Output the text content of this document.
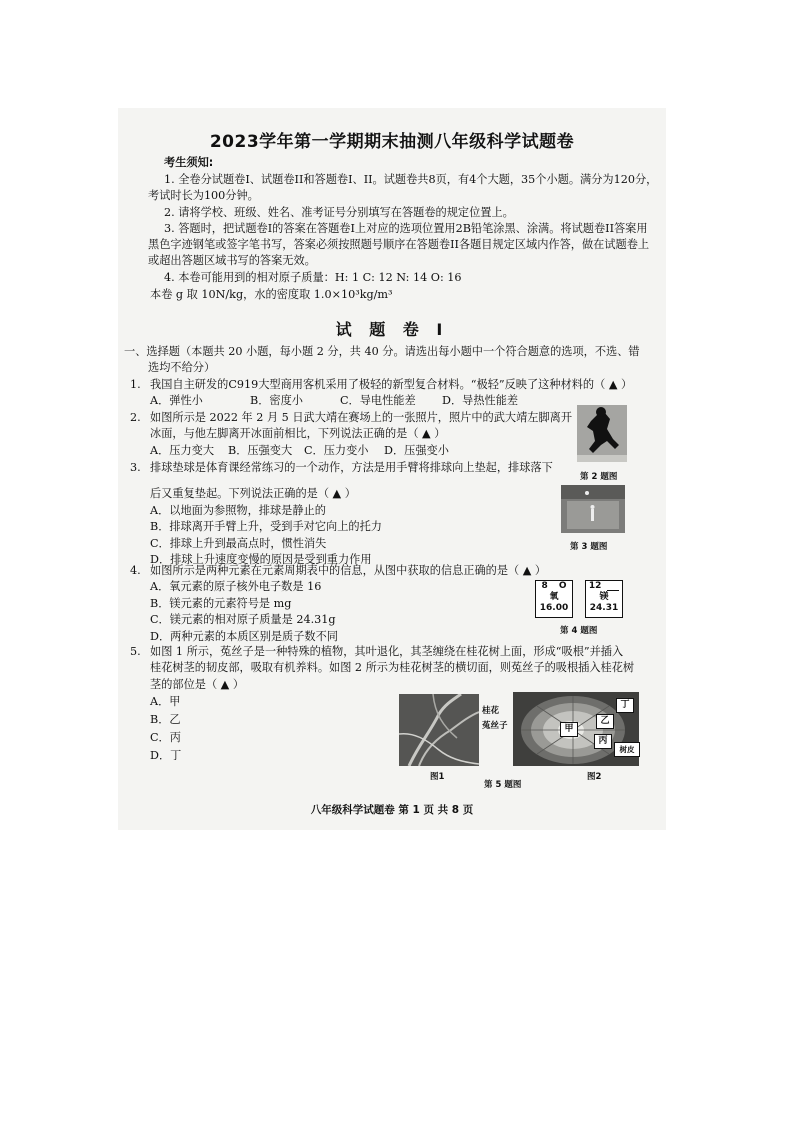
2023学年第一学期期末抽测八年级科学试题卷
考生须知:
1. 全卷分试题卷I、试题卷II和答题卷I、II。试题卷共8页，有4个大题，35个小题。满分为120分，
考试时长为100分钟。
2. 请将学校、班级、姓名、准考证号分别填写在答题卷的规定位置上。
3. 答题时，把试题卷I的答案在答题卷I上对应的选项位置用2B铅笔涂黑、涂满。将试题卷II答案用
黑色字迹钢笔或签字笔书写，答案必须按照题号顺序在答题卷II各题目规定区域内作答，做在试题卷上
或超出答题区域书写的答案无效。
4. 本卷可能用到的相对原子质量：H: 1 C: 12 N: 14 O: 16
本卷 g 取 10N/kg，水的密度取 1.0×10³kg/m³
试 题 卷 I
一、选择题（本题共 20 小题，每小题 2 分，共 40 分。请选出每小题中一个符合题意的选项，不选、错
选均不给分）
1. 我国自主研发的C919大型商用客机采用了极轻的新型复合材料。“极轻”反映了这种材料的（ ▲ ）
A．弹性小	B．密度小	C．导电性能差 D．导热性能差
2. 如图所示是 2022 年 2 月 5 日武大靖在赛场上的一张照片，照片中的武大靖左脚离开
冰面，与他左脚离开冰面前相比，下列说法正确的是（ ▲ ）
A．压力变大 B．压强变大 C．压力变小 D．压强变小
第 2 题图
3. 排球垫球是体育课经常练习的一个动作，方法是用手臂将排球向上垫起，排球落下
后又重复垫起。下列说法正确的是（ ▲ ）
A．以地面为参照物，排球是静止的
B．排球离开手臂上升，受到手对它向上的托力
C．排球上升到最高点时，惯性消失
D．排球上升速度变慢的原因是受到重力作用
第 3 题图
4. 如图所示是两种元素在元素周期表中的信息，从图中获取的信息正确的是（ ▲ ）
A．氧元素的原子核外电子数是 16
B．镁元素的元素符号是 mg
C．镁元素的相对原子质量是 24.31g
D．两种元素的本质区别是质子数不同
8 O
氧
16.00
12
镁
24.31
第 4 题图
5. 如图 1 所示，菟丝子是一种特殊的植物，其叶退化，其茎缠绕在桂花树上面，形成“吸根”并插入
桂花树茎的韧皮部，吸取有机养料。如图 2 所示为桂花树茎的横切面，则菟丝子的吸根插入桂花树
茎的部位是（ ▲ ）
A．甲
B．乙
C．丙
D．丁
桂花
菟丝子
图1
甲
乙
丙
丁
树皮
图2
第 5 题图
八年级科学试题卷 第 1 页 共 8 页
